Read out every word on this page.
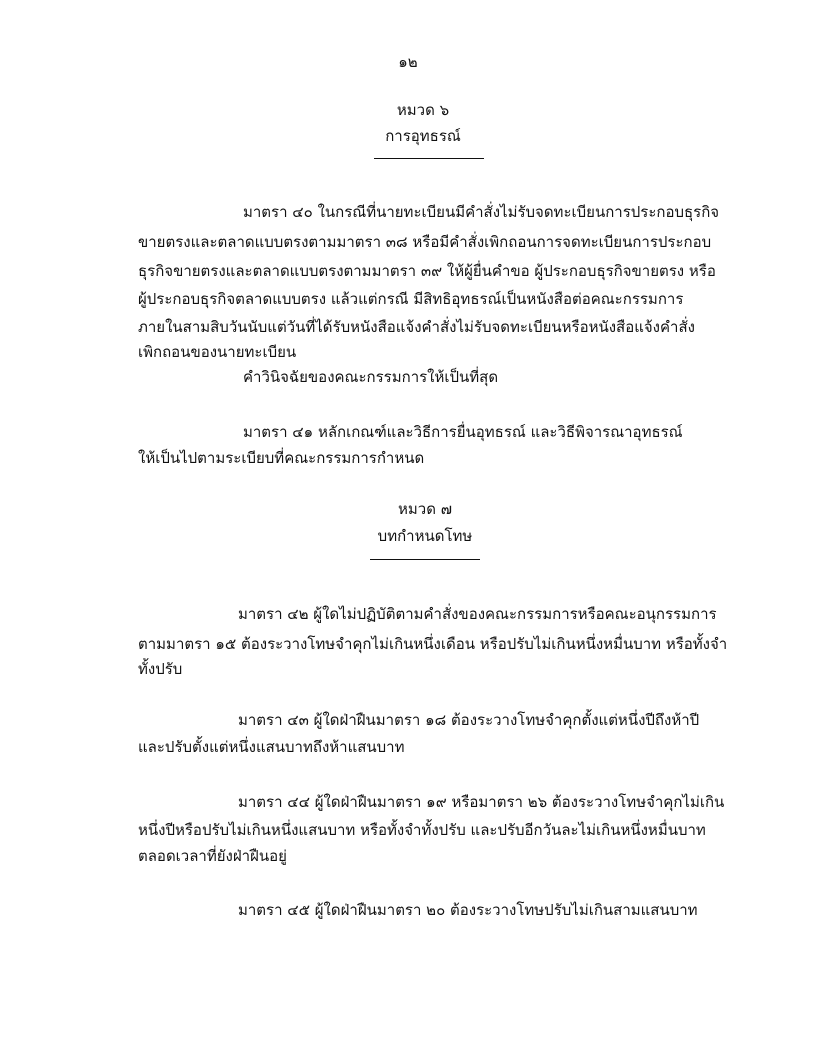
๑๒
หมวด ๖
การอุทธรณ์
มาตรา ๔๐ ในกรณีที่นายทะเบียนมีคำสั่งไม่รับจดทะเบียนการประกอบธุรกิจ
ขายตรงและตลาดแบบตรงตามมาตรา ๓๘ หรือมีคำสั่งเพิกถอนการจดทะเบียนการประกอบ
ธุรกิจขายตรงและตลาดแบบตรงตามมาตรา ๓๙ ให้ผู้ยื่นคำขอ ผู้ประกอบธุรกิจขายตรง หรือ
ผู้ประกอบธุรกิจตลาดแบบตรง แล้วแต่กรณี มีสิทธิอุทธรณ์เป็นหนังสือต่อคณะกรรมการ
ภายในสามสิบวันนับแต่วันที่ได้รับหนังสือแจ้งคำสั่งไม่รับจดทะเบียนหรือหนังสือแจ้งคำสั่ง
เพิกถอนของนายทะเบียน
คำวินิจฉัยของคณะกรรมการให้เป็นที่สุด
มาตรา ๔๑ หลักเกณฑ์และวิธีการยื่นอุทธรณ์ และวิธีพิจารณาอุทธรณ์
ให้เป็นไปตามระเบียบที่คณะกรรมการกำหนด
หมวด ๗
บทกำหนดโทษ
มาตรา ๔๒ ผู้ใดไม่ปฏิบัติตามคำสั่งของคณะกรรมการหรือคณะอนุกรรมการ
ตามมาตรา ๑๕ ต้องระวางโทษจำคุกไม่เกินหนึ่งเดือน หรือปรับไม่เกินหนึ่งหมื่นบาท หรือทั้งจำ
ทั้งปรับ
มาตรา ๔๓ ผู้ใดฝ่าฝืนมาตรา ๑๘ ต้องระวางโทษจำคุกตั้งแต่หนึ่งปีถึงห้าปี
และปรับตั้งแต่หนึ่งแสนบาทถึงห้าแสนบาท
มาตรา ๔๔ ผู้ใดฝ่าฝืนมาตรา ๑๙ หรือมาตรา ๒๖ ต้องระวางโทษจำคุกไม่เกิน
หนึ่งปีหรือปรับไม่เกินหนึ่งแสนบาท หรือทั้งจำทั้งปรับ และปรับอีกวันละไม่เกินหนึ่งหมื่นบาท
ตลอดเวลาที่ยังฝ่าฝืนอยู่
มาตรา ๔๕ ผู้ใดฝ่าฝืนมาตรา ๒๐ ต้องระวางโทษปรับไม่เกินสามแสนบาท
